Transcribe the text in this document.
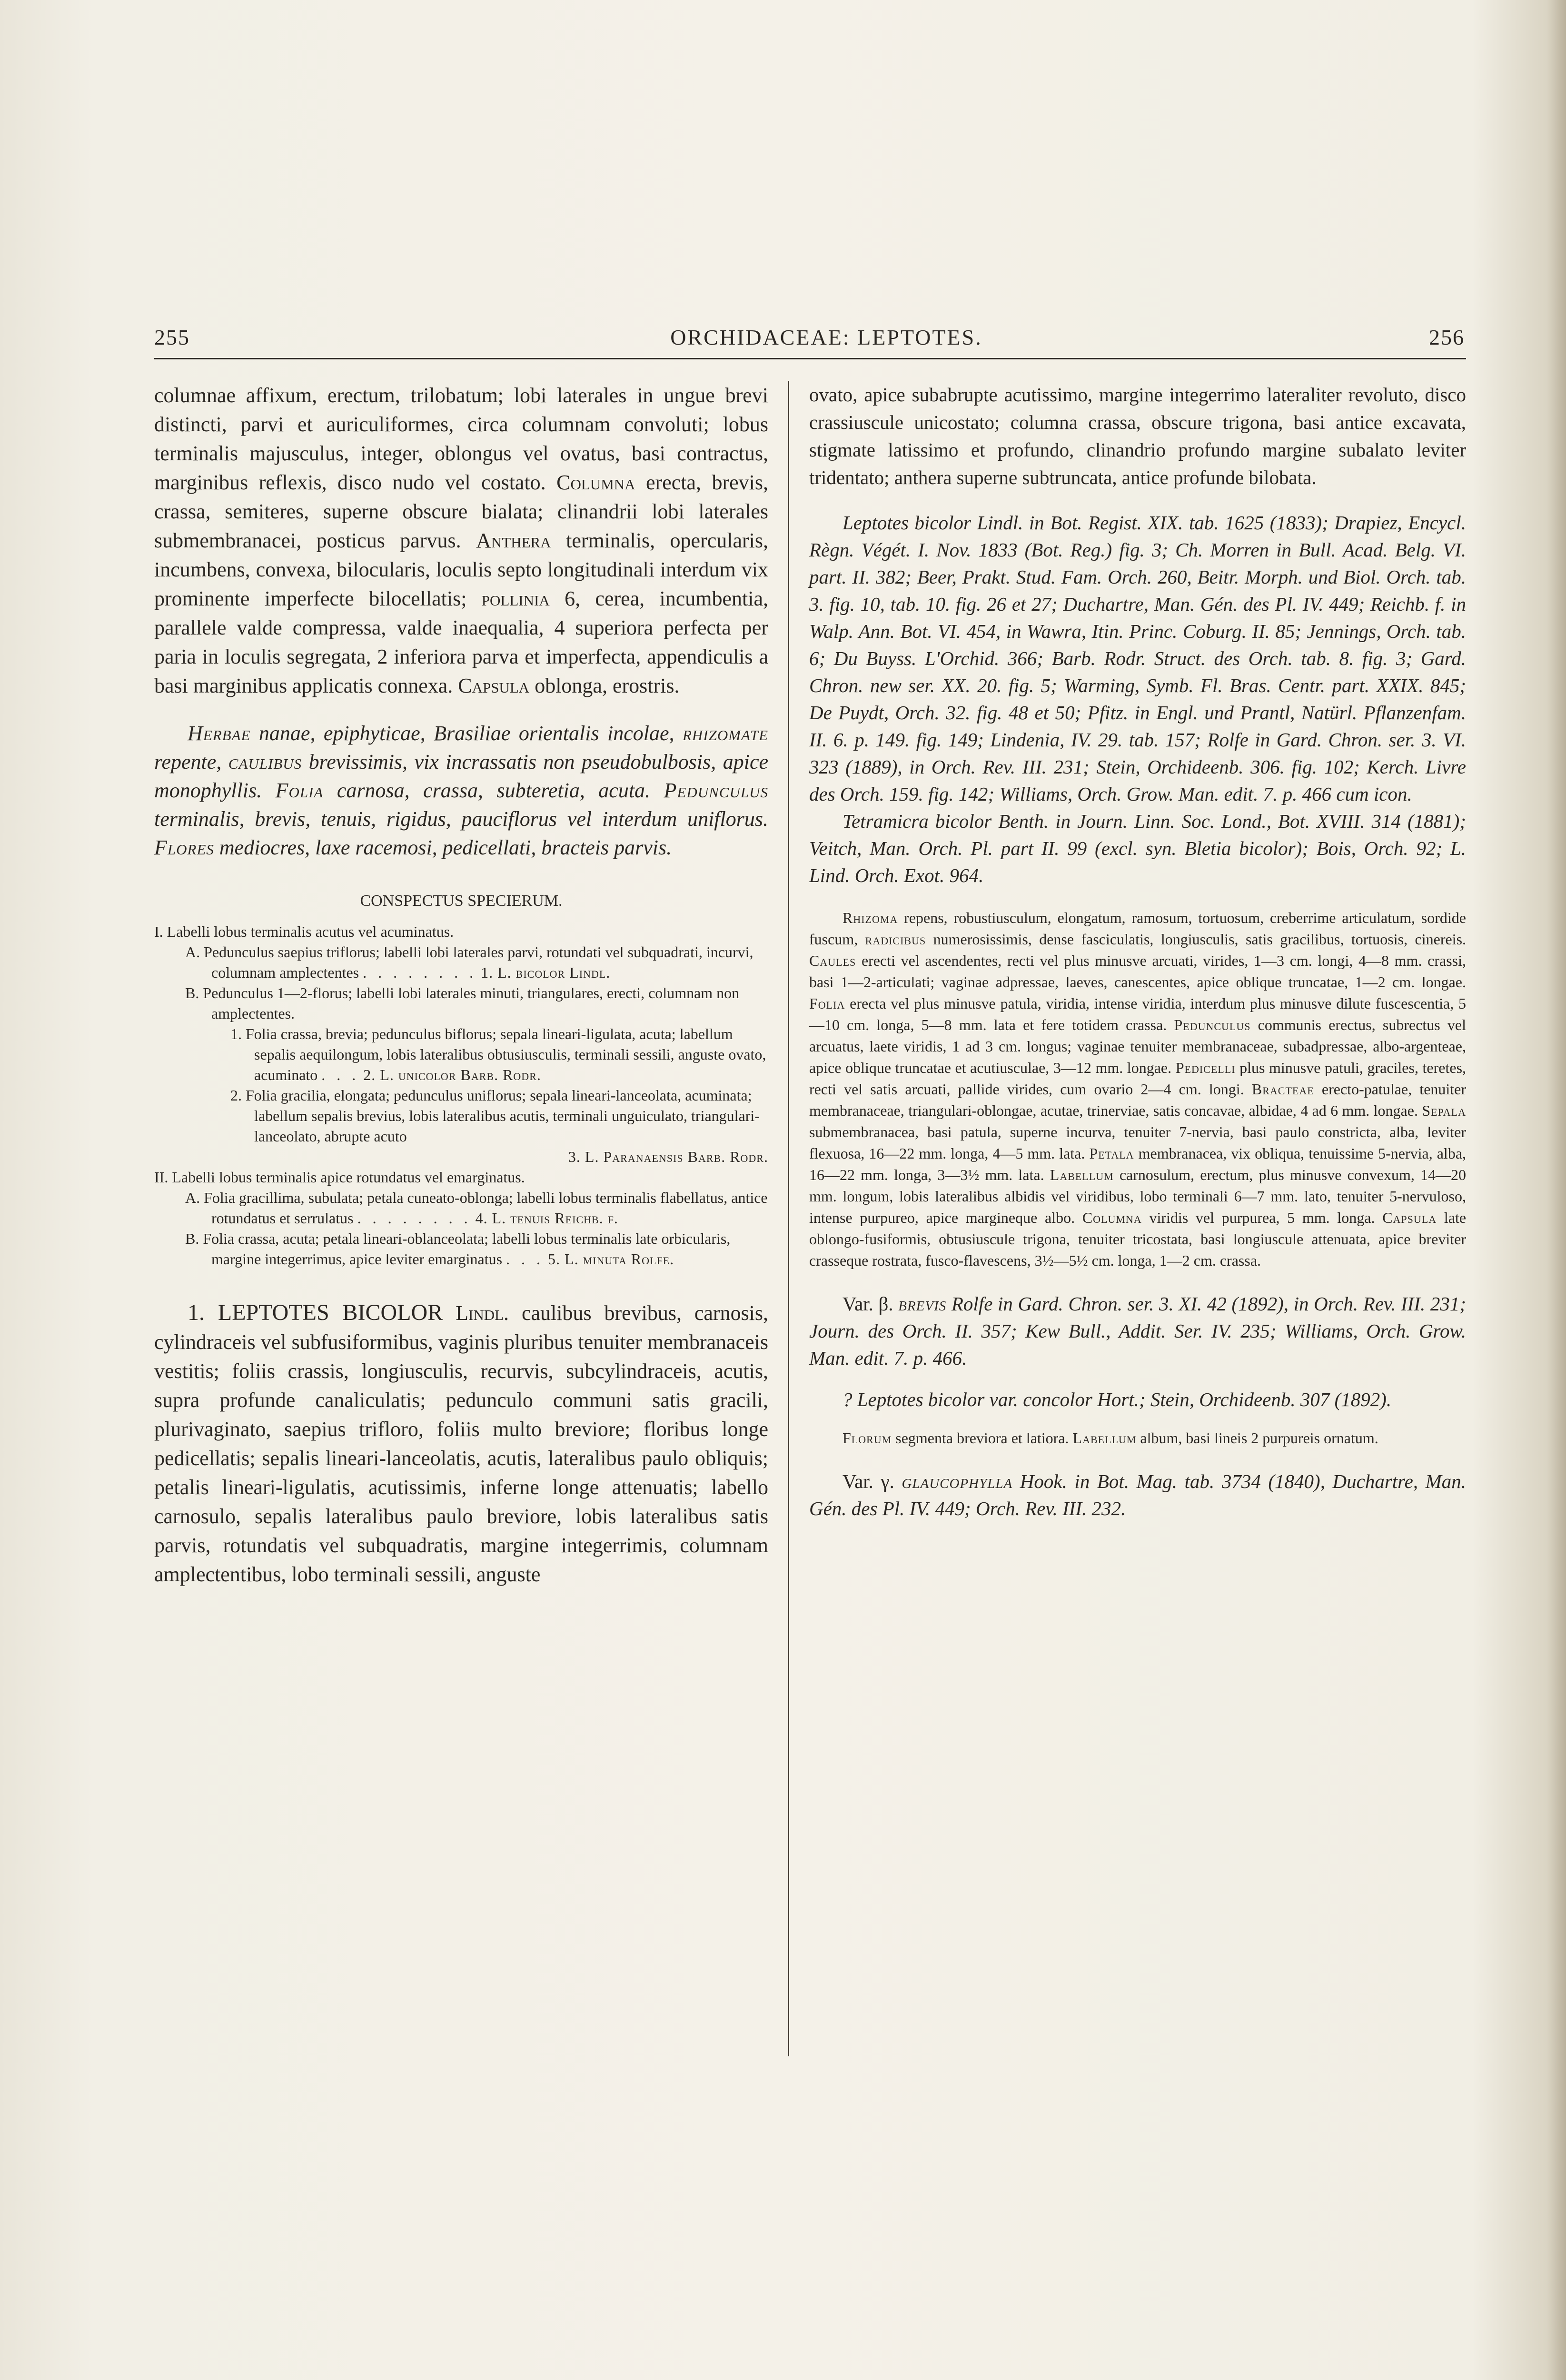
255	ORCHIDACEAE: LEPTOTES.	256

columnae affixum, erectum, trilobatum; lobi laterales in ungue brevi distincti, parvi et auriculiformes, circa columnam convoluti; lobus terminalis majusculus, integer, oblongus vel ovatus, basi contractus, marginibus reflexis, disco nudo vel costato. Columna erecta, brevis, crassa, semiteres, superne obscure bialata; clinandrii lobi laterales submembranacei, posticus parvus. Anthera terminalis, opercularis, incumbens, convexa, bilocularis, loculis septo longitudinali interdum vix prominente imperfecte bilocellatis; pollinia 6, cerea, incumbentia, parallele valde compressa, valde inaequalia, 4 superiora perfecta per paria in loculis segregata, 2 inferiora parva et imperfecta, appendiculis a basi marginibus applicatis connexa. Capsula oblonga, erostris.

Herbae nanae, epiphyticae, Brasiliae orientalis incolae, rhizomate repente, caulibus brevissimis, vix incrassatis non pseudobulbosis, apice monophyllis. Folia carnosa, crassa, subteretia, acuta. Pedunculus terminalis, brevis, tenuis, rigidus, pauciflorus vel interdum uniflorus. Flores mediocres, laxe racemosi, pedicellati, bracteis parvis.

CONSPECTUS SPECIERUM.
I. Labelli lobus terminalis acutus vel acuminatus.
A. Pedunculus saepius triflorus; labelli lobi laterales parvi, rotundati vel subquadrati, incurvi, columnam amplectentes . . . . . . . . 1. L. bicolor Lindl.
B. Pedunculus 1—2-florus; labelli lobi laterales minuti, triangulares, erecti, columnam non amplectentes.
1. Folia crassa, brevia; pedunculus biflorus; sepala lineari-ligulata, acuta; labellum sepalis aequilongum, lobis lateralibus obtusiusculis, terminali sessili, anguste ovato, acuminato . . . 2. L. unicolor Barb. Rodr.
2. Folia gracilia, elongata; pedunculus uniflorus; sepala lineari-lanceolata, acuminata; labellum sepalis brevius, lobis lateralibus acutis, terminali unguiculato, triangulari-lanceolato, abrupte acuto
3. L. Paranaensis Barb. Rodr.
II. Labelli lobus terminalis apice rotundatus vel emarginatus.
A. Folia gracillima, subulata; petala cuneato-oblonga; labelli lobus terminalis flabellatus, antice rotundatus et serrulatus . . . . . . . . 4. L. tenuis Reichb. f.
B. Folia crassa, acuta; petala lineari-oblanceolata; labelli lobus terminalis late orbicularis, margine integerrimus, apice leviter emarginatus . . . 5. L. minuta Rolfe.

1. LEPTOTES BICOLOR Lindl. caulibus brevibus, carnosis, cylindraceis vel subfusiformibus, vaginis pluribus tenuiter membranaceis vestitis; foliis crassis, longiusculis, recurvis, subcylindraceis, acutis, supra profunde canaliculatis; pedunculo communi satis gracili, plurivaginato, saepius trifloro, foliis multo breviore; floribus longe pedicellatis; sepalis lineari-lanceolatis, acutis, lateralibus paulo obliquis; petalis lineari-ligulatis, acutissimis, inferne longe attenuatis; labello carnosulo, sepalis lateralibus paulo breviore, lobis lateralibus satis parvis, rotundatis vel subquadratis, margine integerrimis, columnam amplectentibus, lobo terminali sessili, anguste

ovato, apice subabrupte acutissimo, margine integerrimo lateraliter revoluto, disco crassiuscule unicostato; columna crassa, obscure trigona, basi antice excavata, stigmate latissimo et profundo, clinandrio profundo margine subalato leviter tridentato; anthera superne subtruncata, antice profunde bilobata.

Leptotes bicolor Lindl. in Bot. Regist. XIX. tab. 1625 (1833); Drapiez, Encycl. Règn. Végét. I. Nov. 1833 (Bot. Reg.) fig. 3; Ch. Morren in Bull. Acad. Belg. VI. part. II. 382; Beer, Prakt. Stud. Fam. Orch. 260, Beitr. Morph. und Biol. Orch. tab. 3. fig. 10, tab. 10. fig. 26 et 27; Duchartre, Man. Gén. des Pl. IV. 449; Reichb. f. in Walp. Ann. Bot. VI. 454, in Wawra, Itin. Princ. Coburg. II. 85; Jennings, Orch. tab. 6; Du Buyss. L'Orchid. 366; Barb. Rodr. Struct. des Orch. tab. 8. fig. 3; Gard. Chron. new ser. XX. 20. fig. 5; Warming, Symb. Fl. Bras. Centr. part. XXIX. 845; De Puydt, Orch. 32. fig. 48 et 50; Pfitz. in Engl. und Prantl, Natürl. Pflanzenfam. II. 6. p. 149. fig. 149; Lindenia, IV. 29. tab. 157; Rolfe in Gard. Chron. ser. 3. VI. 323 (1889), in Orch. Rev. III. 231; Stein, Orchideenb. 306. fig. 102; Kerch. Livre des Orch. 159. fig. 142; Williams, Orch. Grow. Man. edit. 7. p. 466 cum icon.

Tetramicra bicolor Benth. in Journ. Linn. Soc. Lond., Bot. XVIII. 314 (1881); Veitch, Man. Orch. Pl. part II. 99 (excl. syn. Bletia bicolor); Bois, Orch. 92; L. Lind. Orch. Exot. 964.

Rhizoma repens, robustiusculum, elongatum, ramosum, tortuosum, creberrime articulatum, sordide fuscum, radicibus numerosissimis, dense fasciculatis, longiusculis, satis gracilibus, tortuosis, cinereis. Caules erecti vel ascendentes, recti vel plus minusve arcuati, virides, 1—3 cm. longi, 4—8 mm. crassi, basi 1—2-articulati; vaginae adpressae, laeves, canescentes, apice oblique truncatae, 1—2 cm. longae. Folia erecta vel plus minusve patula, viridia, intense viridia, interdum plus minusve dilute fuscescentia, 5—10 cm. longa, 5—8 mm. lata et fere totidem crassa. Pedunculus communis erectus, subrectus vel arcuatus, laete viridis, 1 ad 3 cm. longus; vaginae tenuiter membranaceae, subadpressae, albo-argenteae, apice oblique truncatae et acutiusculae, 3—12 mm. longae. Pedicelli plus minusve patuli, graciles, teretes, recti vel satis arcuati, pallide virides, cum ovario 2—4 cm. longi. Bracteae erecto-patulae, tenuiter membranaceae, triangulari-oblongae, acutae, trinerviae, satis concavae, albidae, 4 ad 6 mm. longae. Sepala submembranacea, basi patula, superne incurva, tenuiter 7-nervia, basi paulo constricta, alba, leviter flexuosa, 16—22 mm. longa, 4—5 mm. lata. Petala membranacea, vix obliqua, tenuissime 5-nervia, alba, 16—22 mm. longa, 3—3½ mm. lata. Labellum carnosulum, erectum, plus minusve convexum, 14—20 mm. longum, lobis lateralibus albidis vel viridibus, lobo terminali 6—7 mm. lato, tenuiter 5-nervuloso, intense purpureo, apice margineque albo. Columna viridis vel purpurea, 5 mm. longa. Capsula late oblongo-fusiformis, obtusiuscule trigona, tenuiter tricostata, basi longiuscule attenuata, apice breviter crasseque rostrata, fusco-flavescens, 3½—5½ cm. longa, 1—2 cm. crassa.

Var. β. brevis Rolfe in Gard. Chron. ser. 3. XI. 42 (1892), in Orch. Rev. III. 231; Journ. des Orch. II. 357; Kew Bull., Addit. Ser. IV. 235; Williams, Orch. Grow. Man. edit. 7. p. 466.

? Leptotes bicolor var. concolor Hort.; Stein, Orchideenb. 307 (1892).

Florum segmenta breviora et latiora. Labellum album, basi lineis 2 purpureis ornatum.

Var. γ. glaucophylla Hook. in Bot. Mag. tab. 3734 (1840), Duchartre, Man. Gén. des Pl. IV. 449; Orch. Rev. III. 232.
